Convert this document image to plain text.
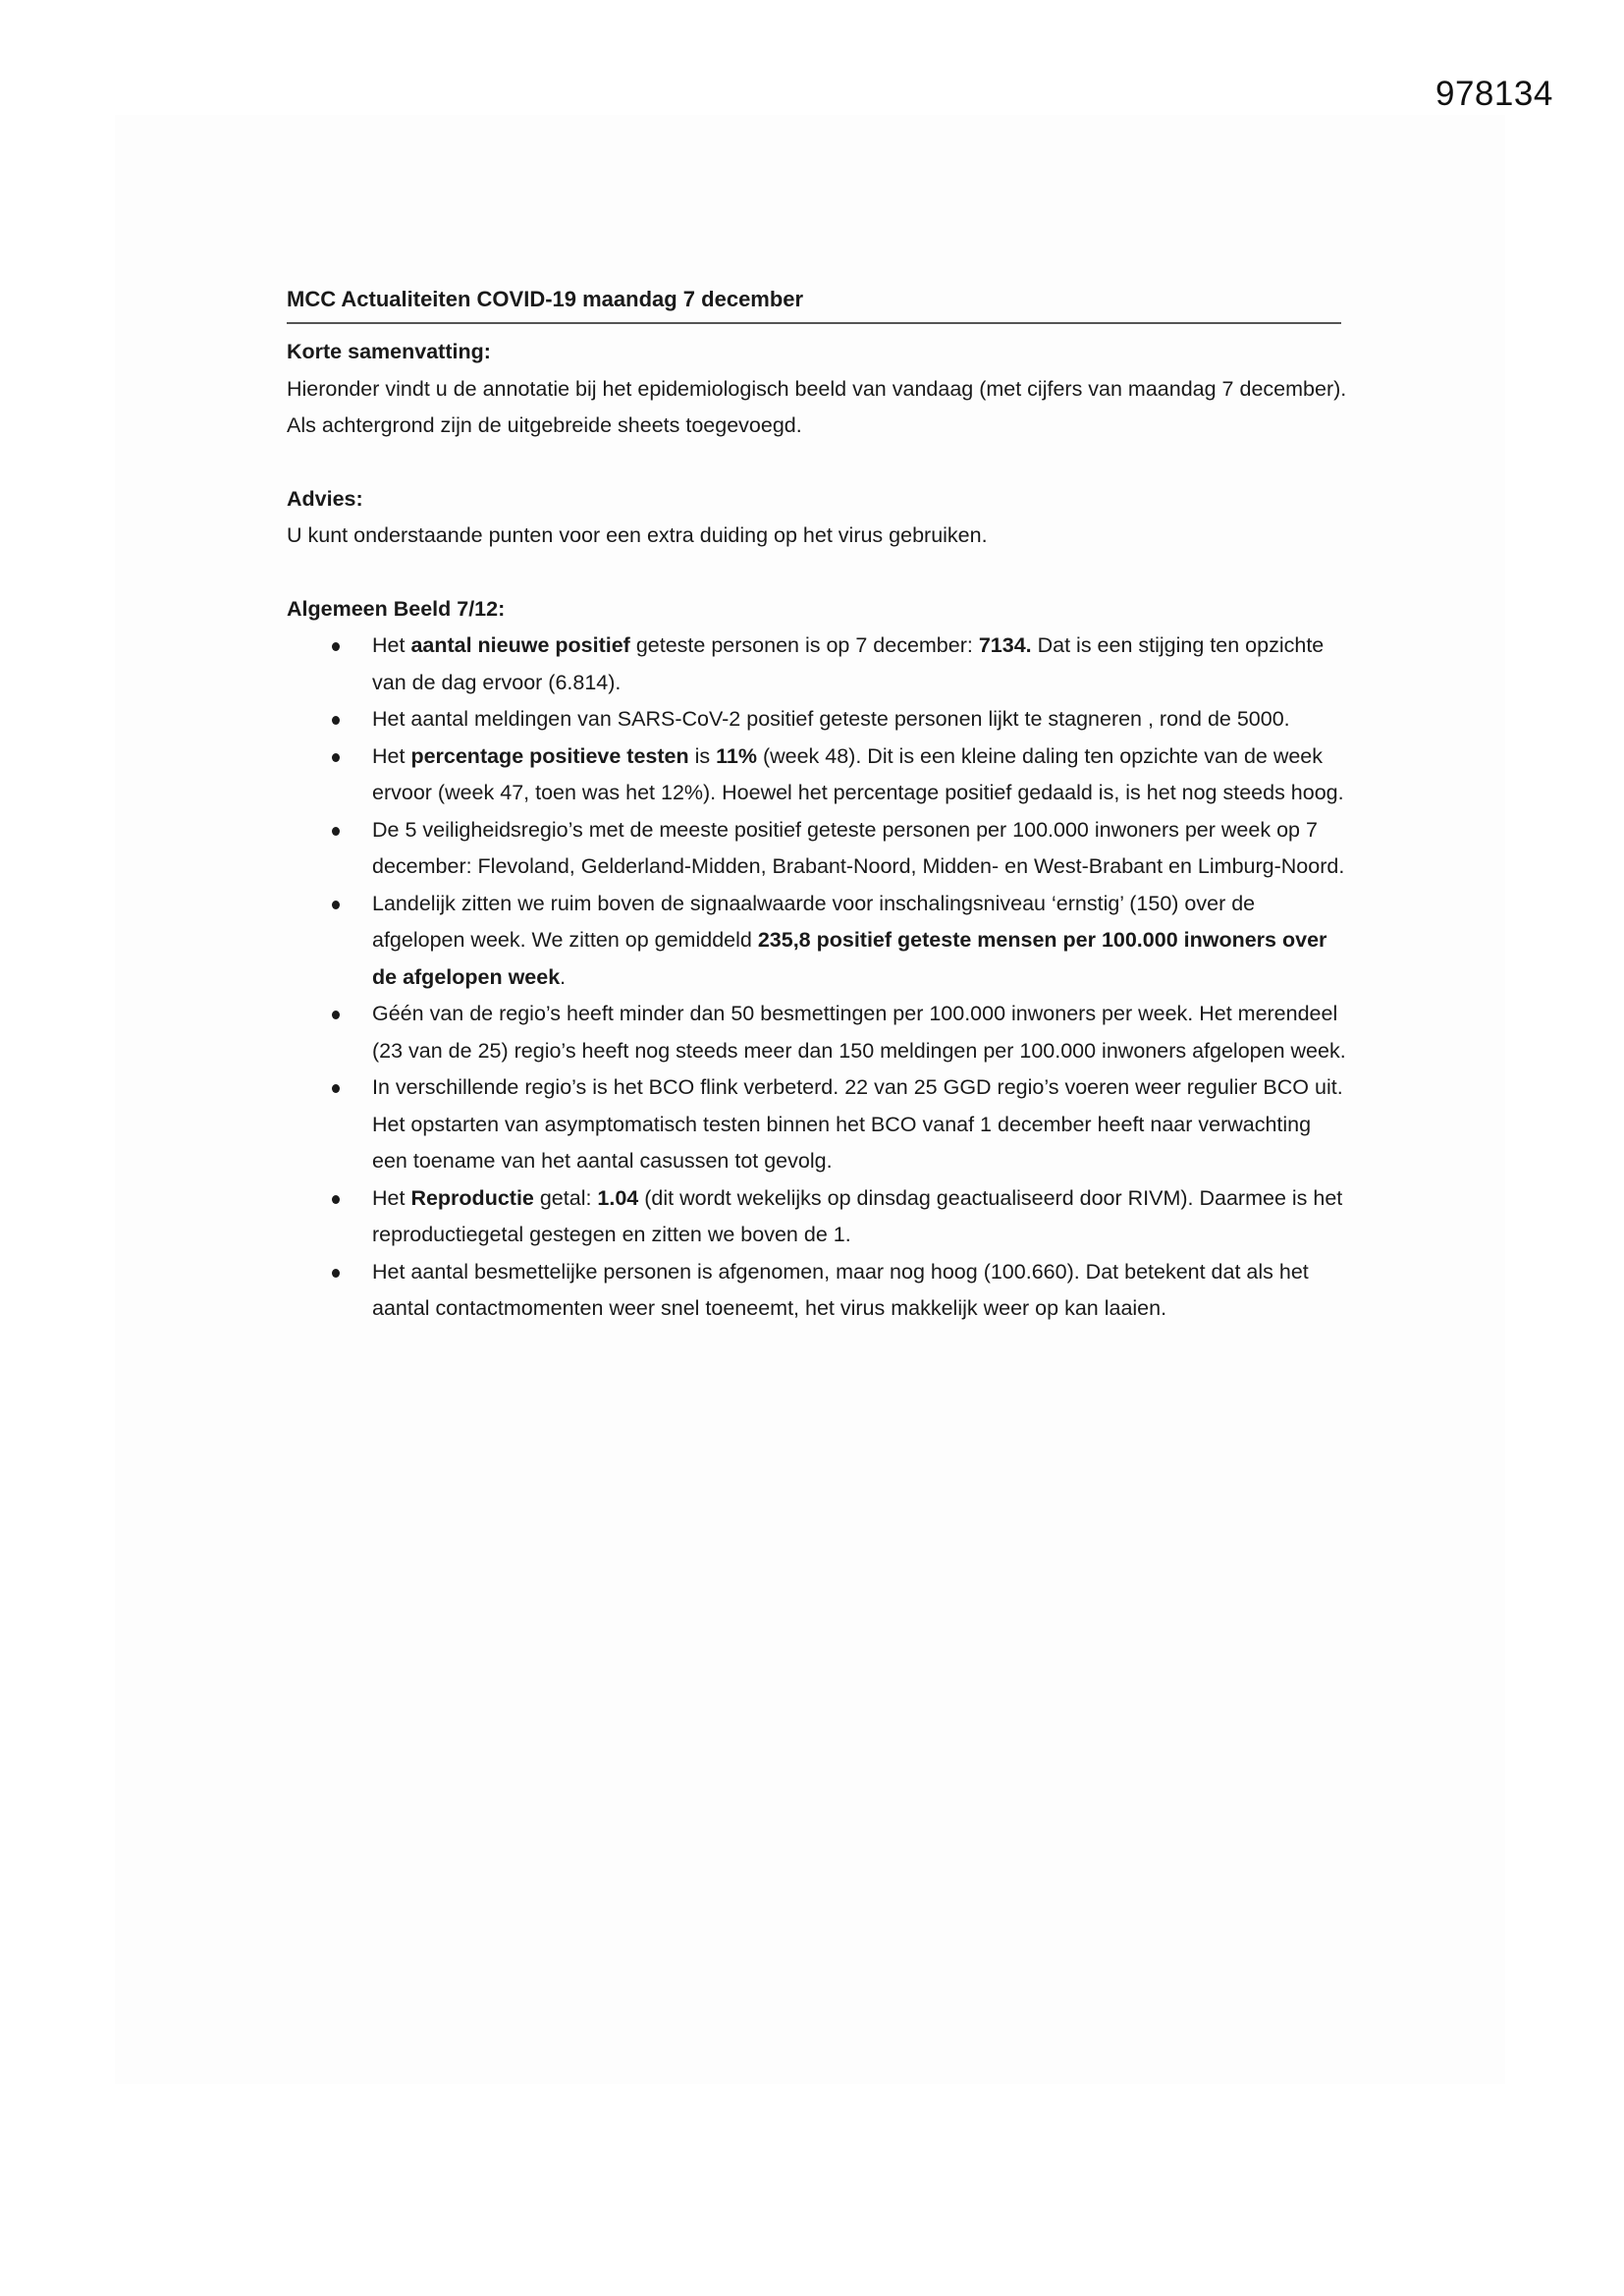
978134
MCC Actualiteiten COVID-19 maandag 7 december

Korte samenvatting:

Hieronder vindt u de annotatie bij het epidemiologisch beeld van vandaag (met cijfers van maandag 7 december). Als achtergrond zijn de uitgebreide sheets toegevoegd.

Advies:

U kunt onderstaande punten voor een extra duiding op het virus gebruiken.

Algemeen Beeld 7/12:

Het aantal nieuwe positief geteste personen is op 7 december: 7134. Dat is een stijging ten opzichte van de dag ervoor (6.814).
Het aantal meldingen van SARS-CoV-2 positief geteste personen lijkt te stagneren , rond de 5000.
Het percentage positieve testen is 11% (week 48). Dit is een kleine daling ten opzichte van de week ervoor (week 47, toen was het 12%). Hoewel het percentage positief gedaald is, is het nog steeds hoog.
De 5 veiligheidsregio’s met de meeste positief geteste personen per 100.000 inwoners per week op 7 december: Flevoland, Gelderland-Midden, Brabant-Noord, Midden- en West-Brabant en Limburg-Noord.
Landelijk zitten we ruim boven de signaalwaarde voor inschalingsniveau ‘ernstig’ (150) over de afgelopen week. We zitten op gemiddeld 235,8 positief geteste mensen per 100.000 inwoners over de afgelopen week.
Géén van de regio’s heeft minder dan 50 besmettingen per 100.000 inwoners per week. Het merendeel (23 van de 25) regio’s heeft nog steeds meer dan 150 meldingen per 100.000 inwoners afgelopen week.
In verschillende regio’s is het BCO flink verbeterd. 22 van 25 GGD regio’s voeren weer regulier BCO uit. Het opstarten van asymptomatisch testen binnen het BCO vanaf 1 december heeft naar verwachting een toename van het aantal casussen tot gevolg.
Het Reproductie getal: 1.04 (dit wordt wekelijks op dinsdag geactualiseerd door RIVM). Daarmee is het reproductiegetal gestegen en zitten we boven de 1.
Het aantal besmettelijke personen is afgenomen, maar nog hoog (100.660). Dat betekent dat als het aantal contactmomenten weer snel toeneemt, het virus makkelijk weer op kan laaien.
